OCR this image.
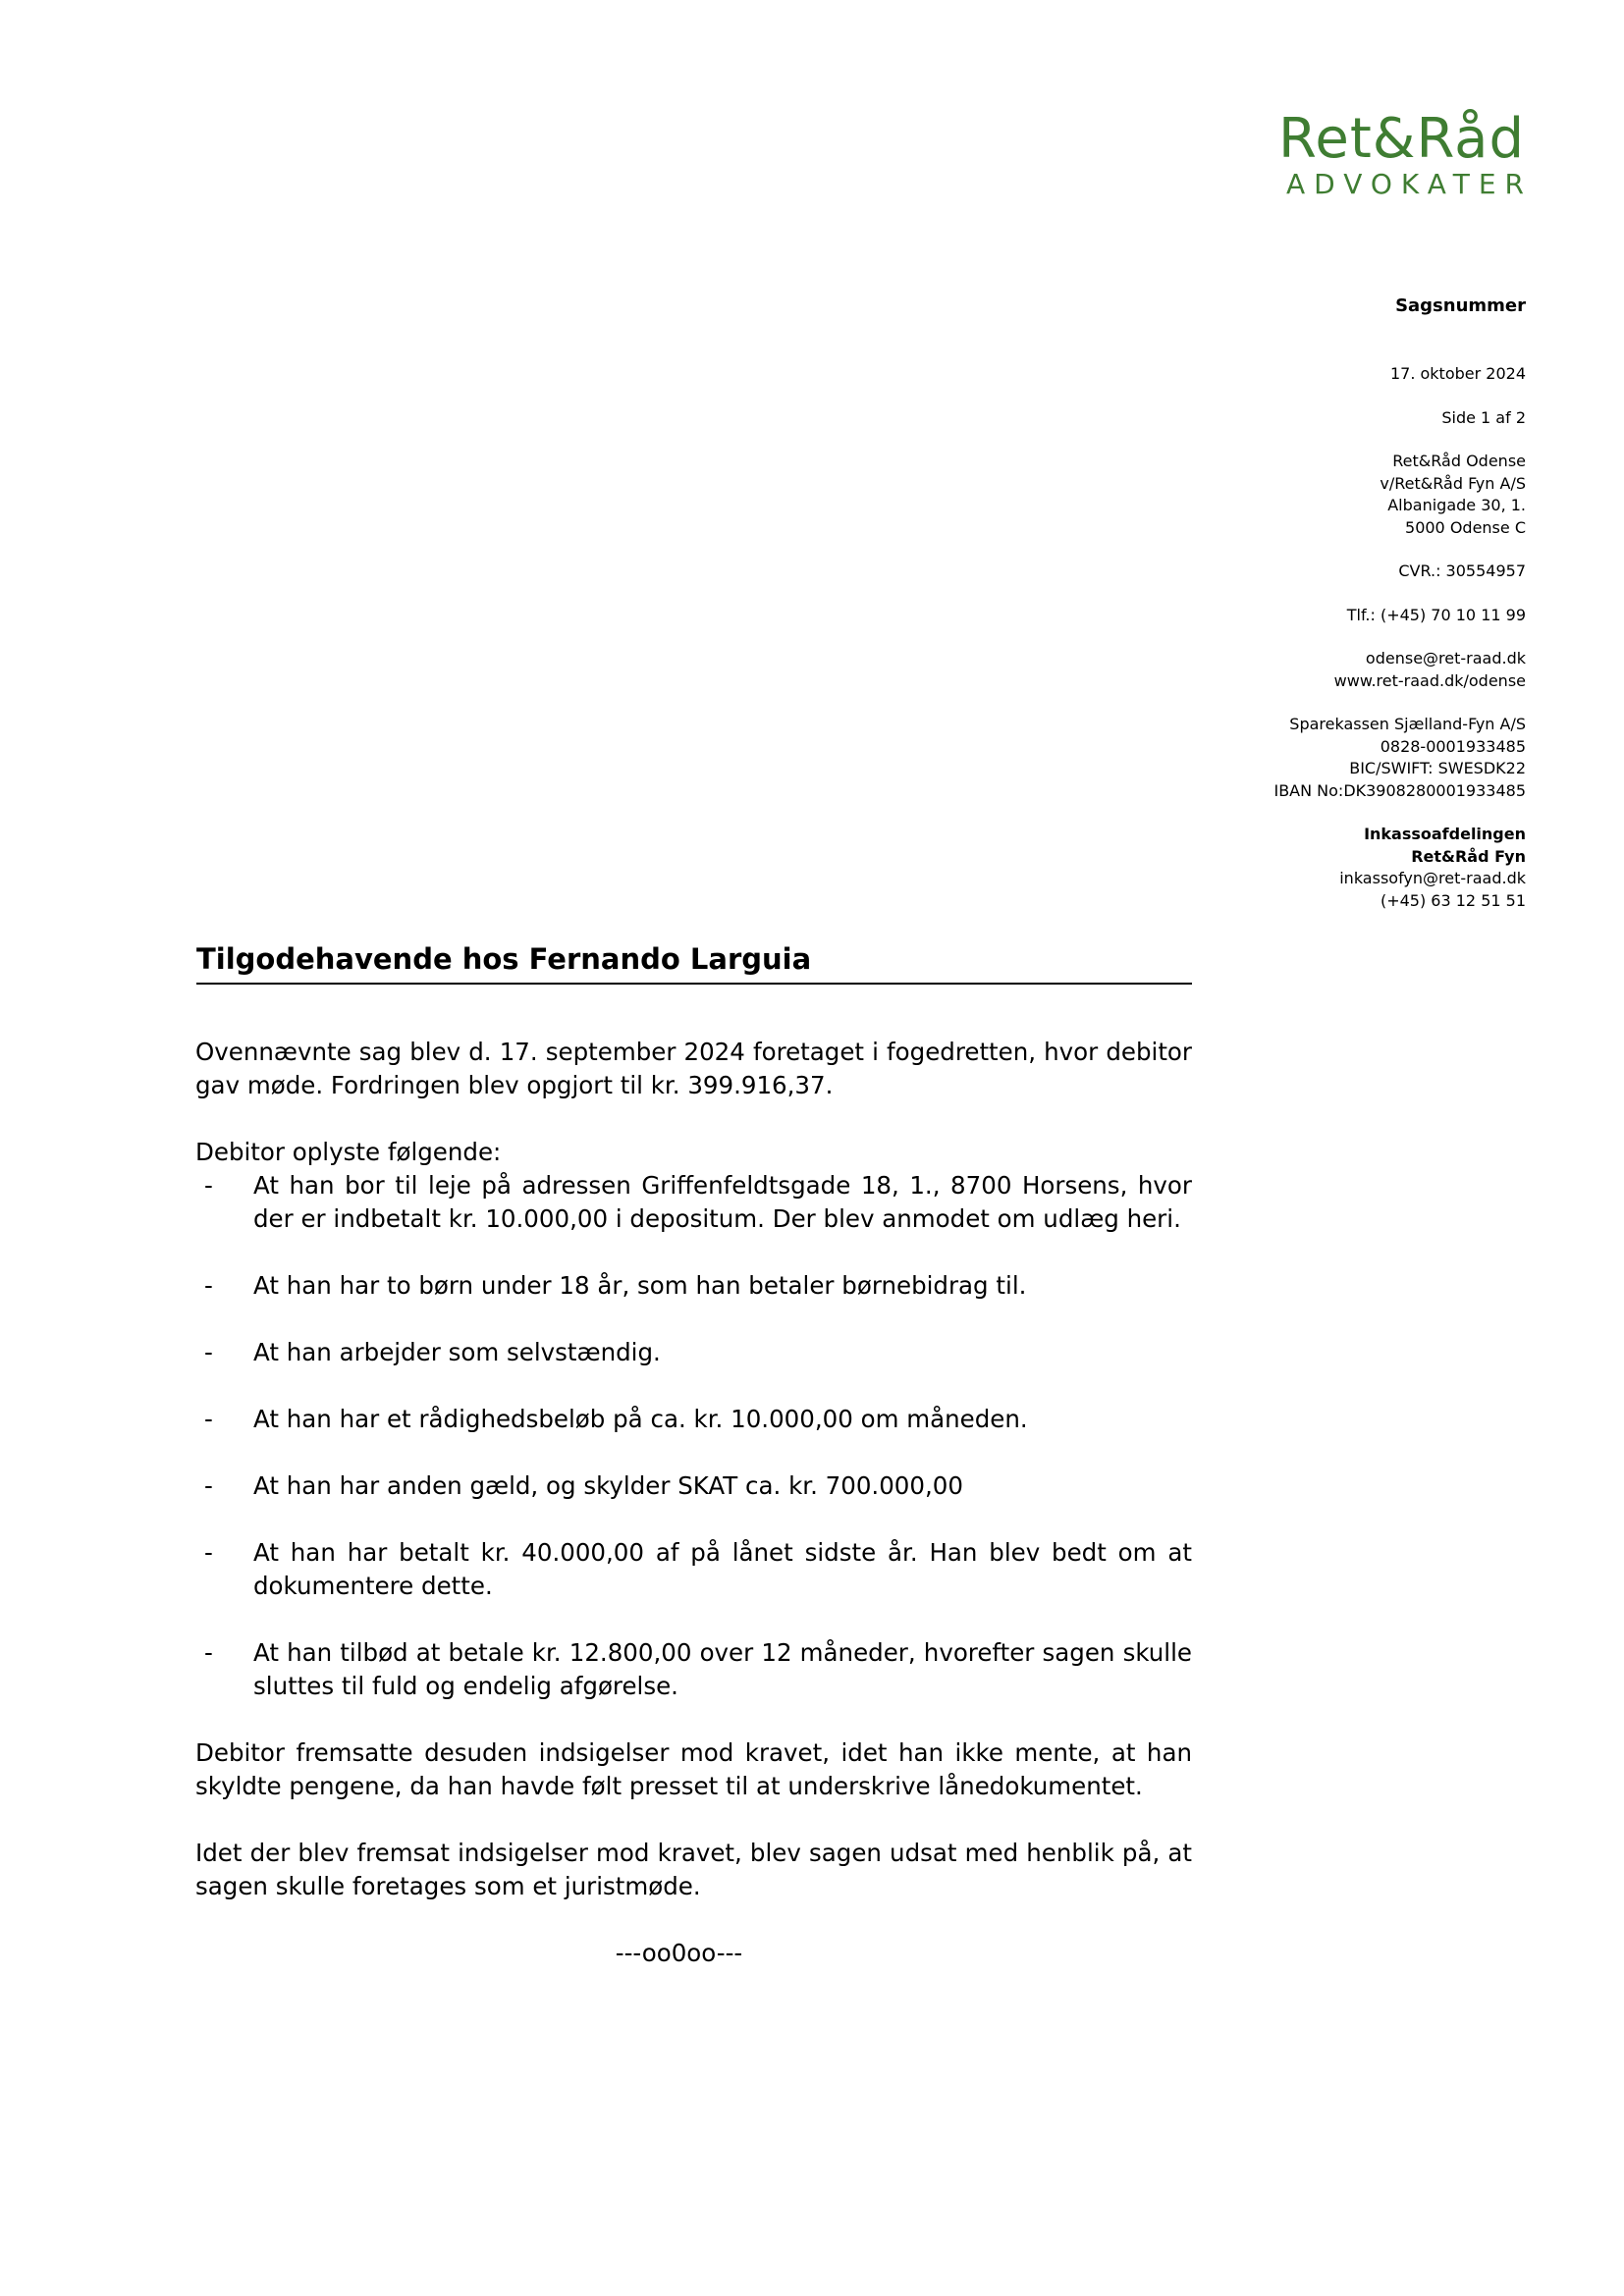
Ret&Råd
ADVOKATER
Sagsnummer
17. oktober 2024
Side 1 af 2
Ret&Råd Odense
v/Ret&Råd Fyn A/S
Albanigade 30, 1.
5000 Odense C
CVR.: 30554957
Tlf.: (+45) 70 10 11 99
odense@ret-raad.dk
www.ret-raad.dk/odense
Sparekassen Sjælland-Fyn A/S
0828-0001933485
BIC/SWIFT: SWESDK22
IBAN No:DK3908280001933485
Inkassoafdelingen
Ret&Råd Fyn
inkassofyn@ret-raad.dk
(+45) 63 12 51 51
Tilgodehavende hos Fernando Larguia

Ovennævnte sag blev d. 17. september 2024 foretaget i fogedretten, hvor debitor gav møde. Fordringen blev opgjort til kr. 399.916,37.

Debitor oplyste følgende:

- At han bor til leje på adressen Griffenfeldtsgade 18, 1., 8700 Horsens, hvor der er indbetalt kr. 10.000,00 i depositum. Der blev anmodet om udlæg heri.
- At han har to børn under 18 år, som han betaler børnebidrag til.
- At han arbejder som selvstændig.
- At han har et rådighedsbeløb på ca. kr. 10.000,00 om måneden.
- At han har anden gæld, og skylder SKAT ca. kr. 700.000,00
- At han har betalt kr. 40.000,00 af på lånet sidste år. Han blev bedt om at dokumentere dette.
- At han tilbød at betale kr. 12.800,00 over 12 måneder, hvorefter sagen skulle sluttes til fuld og endelig afgørelse.

Debitor fremsatte desuden indsigelser mod kravet, idet han ikke mente, at han skyldte pengene, da han havde følt presset til at underskrive lånedokumentet.

Idet der blev fremsat indsigelser mod kravet, blev sagen udsat med henblik på, at sagen skulle foretages som et juristmøde.

---oo0oo---
